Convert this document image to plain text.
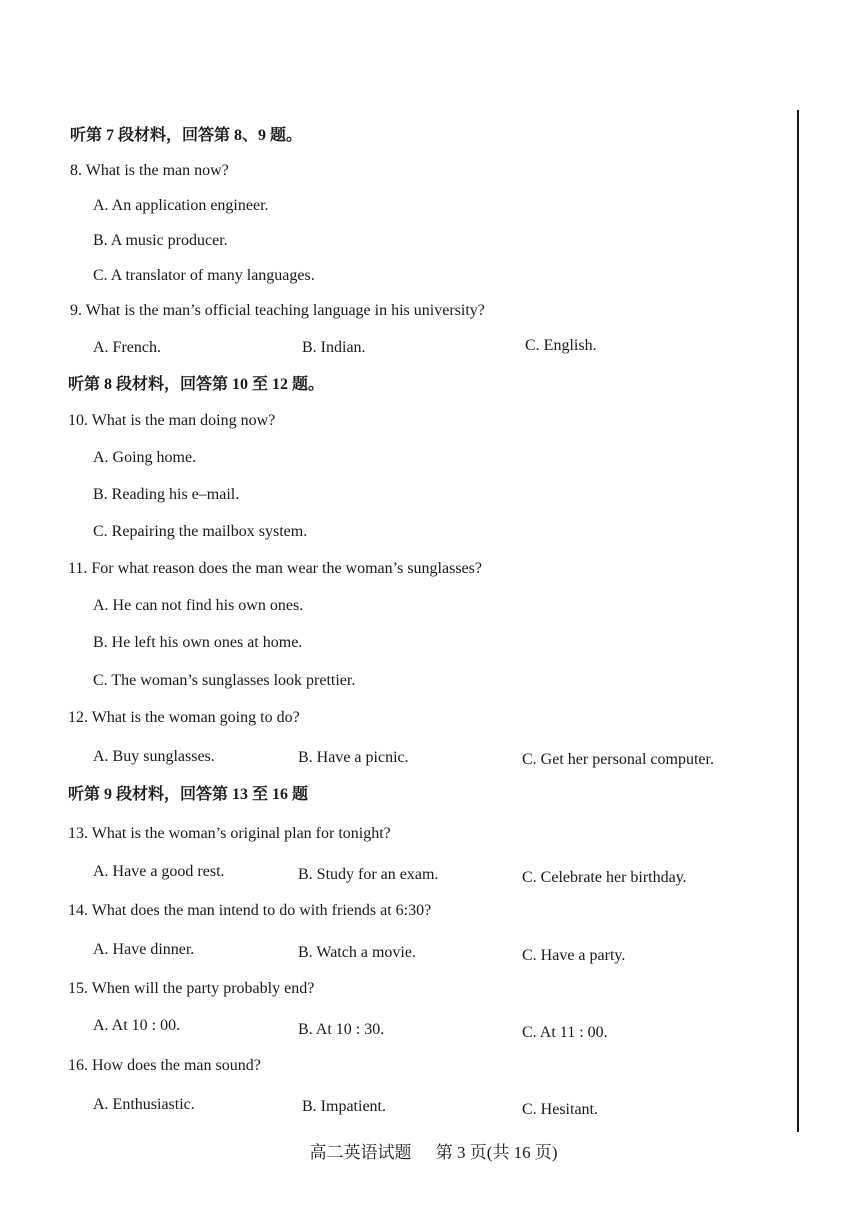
听第 7 段材料，回答第 8、9 题。
8. What is the man now?
A. An application engineer.
B. A music producer.
C. A translator of many languages.
9. What is the man’s official teaching language in his university?
A. French.	B. Indian.	C. English.
听第 8 段材料，回答第 10 至 12 题。
10. What is the man doing now?
A. Going home.
B. Reading his e–mail.
C. Repairing the mailbox system.
11. For what reason does the man wear the woman’s sunglasses?
A. He can not find his own ones.
B. He left his own ones at home.
C. The woman’s sunglasses look prettier.
12. What is the woman going to do?
A. Buy sunglasses.	B. Have a picnic.	C. Get her personal computer.
听第 9 段材料，回答第 13 至 16 题
13. What is the woman’s original plan for tonight?
A. Have a good rest.	B. Study for an exam.	C. Celebrate her birthday.
14. What does the man intend to do with friends at 6:30?
A. Have dinner.	B. Watch a movie.	C. Have a party.
15. When will the party probably end?
A. At 10 : 00.	B. At 10 : 30.	C. At 11 : 00.
16. How does the man sound?
A. Enthusiastic.	B. Impatient.	C. Hesitant.
高二英语试题 第 3 页(共 16 页)
